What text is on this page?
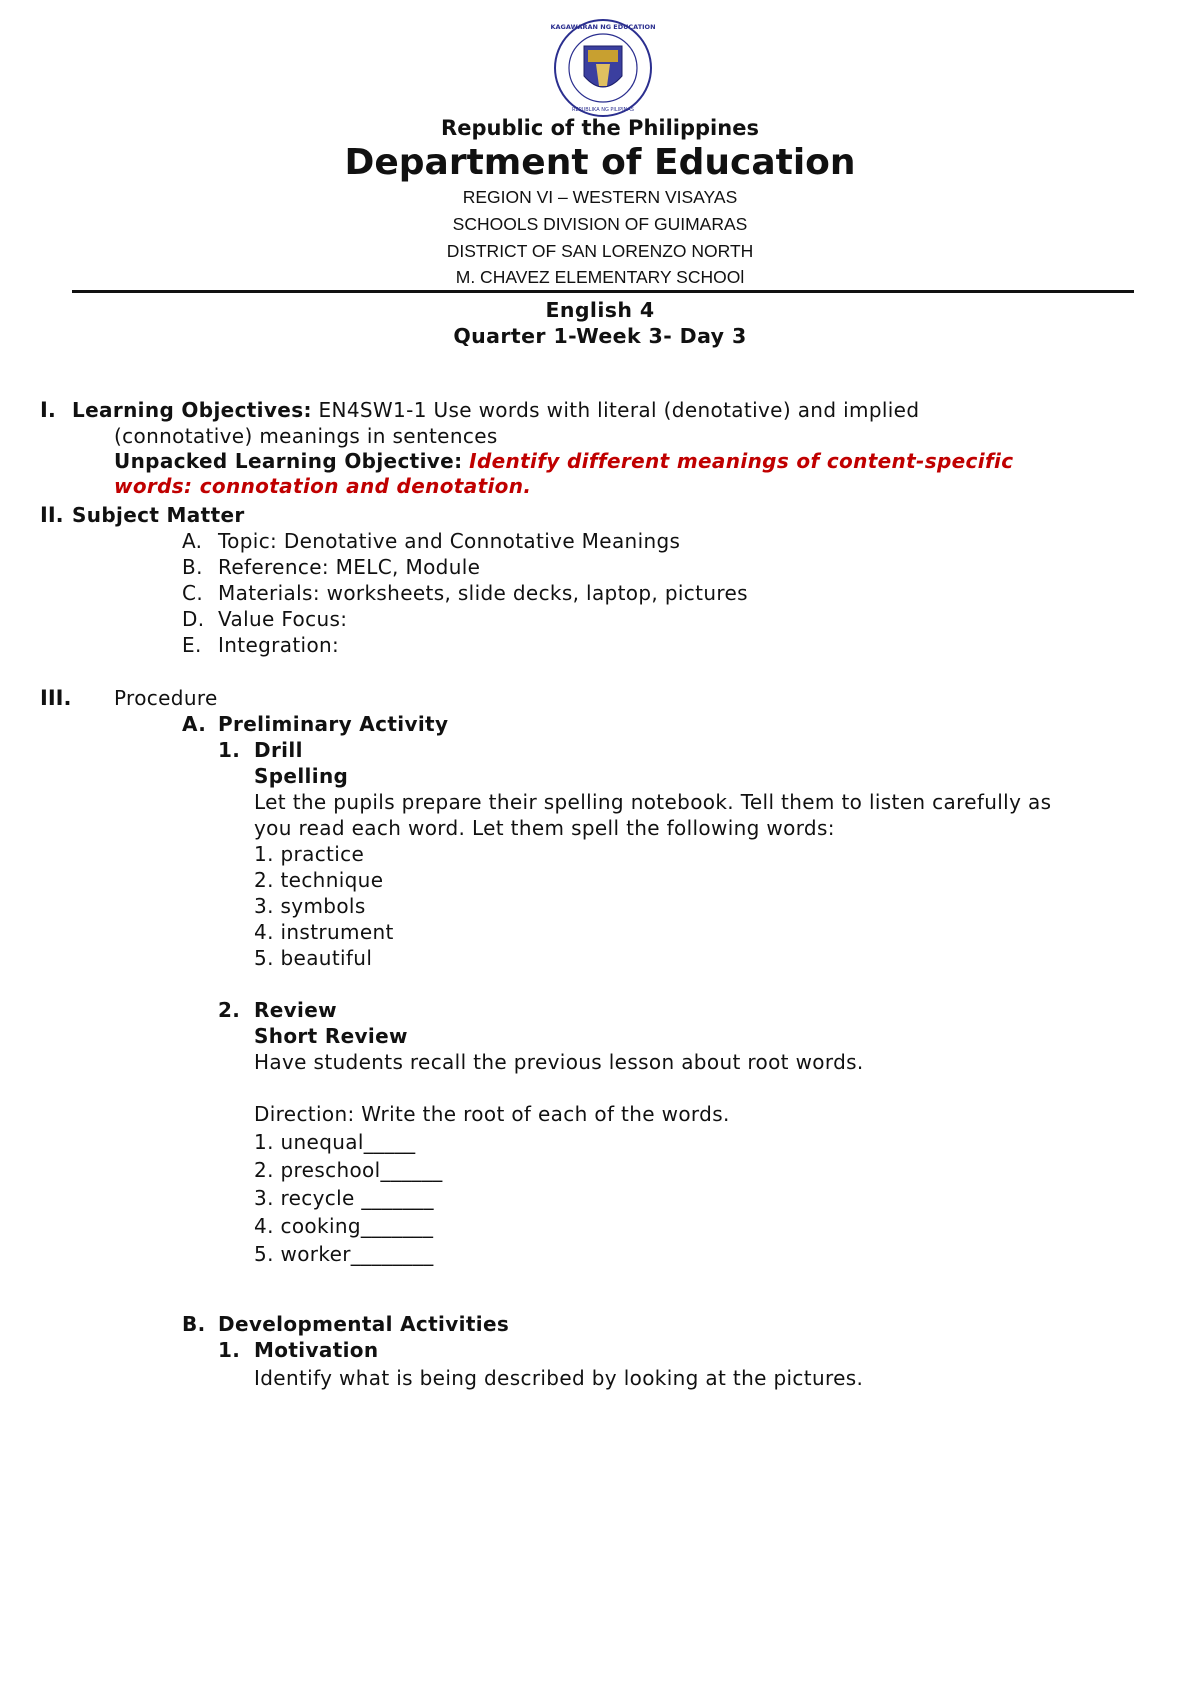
KAGAWARAN NG EDUCATION
REPUBLIKA NG PILIPINAS
Republic of the Philippines
Department of Education
REGION VI – WESTERN VISAYAS
SCHOOLS DIVISION OF GUIMARAS
DISTRICT OF SAN LORENZO NORTH
M. CHAVEZ ELEMENTARY SCHOOl
English 4
Quarter 1-Week 3- Day 3
I. Learning Objectives: EN4SW1-1 Use words with literal (denotative) and implied
(connotative) meanings in sentences
Unpacked Learning Objective: Identify different meanings of content-specific
words: connotation and denotation.
II. Subject Matter
A. Topic: Denotative and Connotative Meanings
B. Reference: MELC, Module
C. Materials: worksheets, slide decks, laptop, pictures
D. Value Focus:
E. Integration:
III. Procedure
A. Preliminary Activity
1. Drill
Spelling
Let the pupils prepare their spelling notebook. Tell them to listen carefully as
you read each word. Let them spell the following words:
1. practice
2. technique
3. symbols
4. instrument
5. beautiful
2. Review
Short Review
Have students recall the previous lesson about root words.
Direction: Write the root of each of the words.
1. unequal_____
2. preschool______
3. recycle _______
4. cooking_______
5. worker________
B. Developmental Activities
1. Motivation
Identify what is being described by looking at the pictures.
